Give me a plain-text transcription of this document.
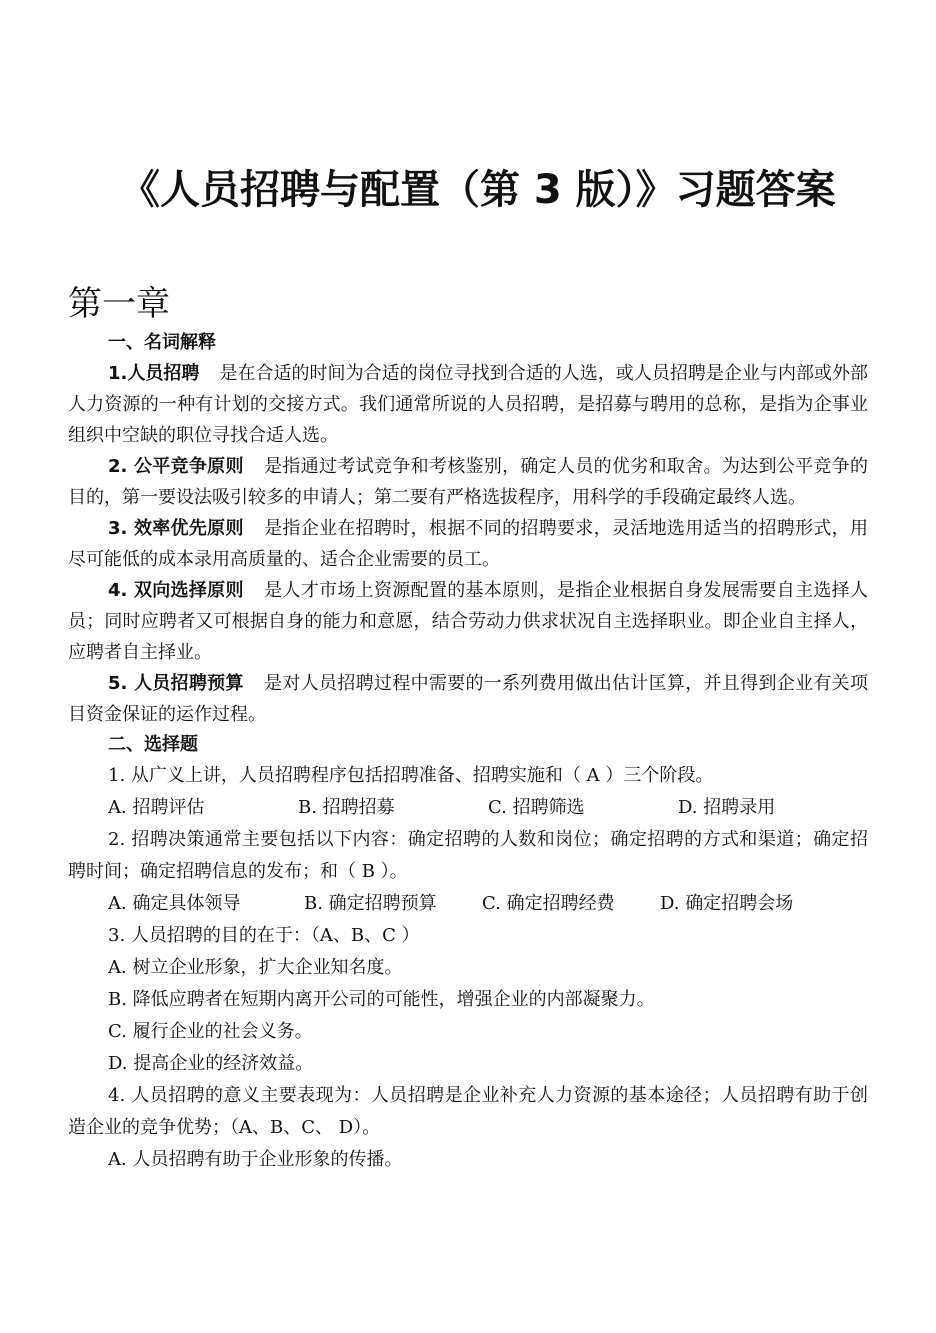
《人员招聘与配置（第 3 版）》习题答案
第一章

一、名词解释

1.人员招聘 是在合适的时间为合适的岗位寻找到合适的人选，或人员招聘是企业与内部或外部人力资源的一种有计划的交接方式。我们通常所说的人员招聘，是招募与聘用的总称，是指为企事业组织中空缺的职位寻找合适人选。

2. 公平竞争原则 是指通过考试竞争和考核鉴别，确定人员的优劣和取舍。为达到公平竞争的目的，第一要设法吸引较多的申请人；第二要有严格选拔程序，用科学的手段确定最终人选。

3. 效率优先原则 是指企业在招聘时，根据不同的招聘要求，灵活地选用适当的招聘形式，用尽可能低的成本录用高质量的、适合企业需要的员工。

4. 双向选择原则 是人才市场上资源配置的基本原则，是指企业根据自身发展需要自主选择人员；同时应聘者又可根据自身的能力和意愿，结合劳动力供求状况自主选择职业。即企业自主择人，应聘者自主择业。

5. 人员招聘预算 是对人员招聘过程中需要的一系列费用做出估计匡算，并且得到企业有关项目资金保证的运作过程。

二、选择题

1. 从广义上讲，人员招聘程序包括招聘准备、招聘实施和（ A ）三个阶段。

A. 招聘评估	B. 招聘招募	C. 招聘筛选	D. 招聘录用

2. 招聘决策通常主要包括以下内容：确定招聘的人数和岗位；确定招聘的方式和渠道；确定招聘时间；确定招聘信息的发布；和（ B ）。

A. 确定具体领导	B. 确定招聘预算	C. 确定招聘经费	D. 确定招聘会场

3. 人员招聘的目的在于：（A、B、C ）

A. 树立企业形象，扩大企业知名度。

B. 降低应聘者在短期内离开公司的可能性，增强企业的内部凝聚力。

C. 履行企业的社会义务。

D. 提高企业的经济效益。

4. 人员招聘的意义主要表现为：人员招聘是企业补充人力资源的基本途径；人员招聘有助于创造企业的竞争优势；（A、B、C、 D）。

A. 人员招聘有助于企业形象的传播。
